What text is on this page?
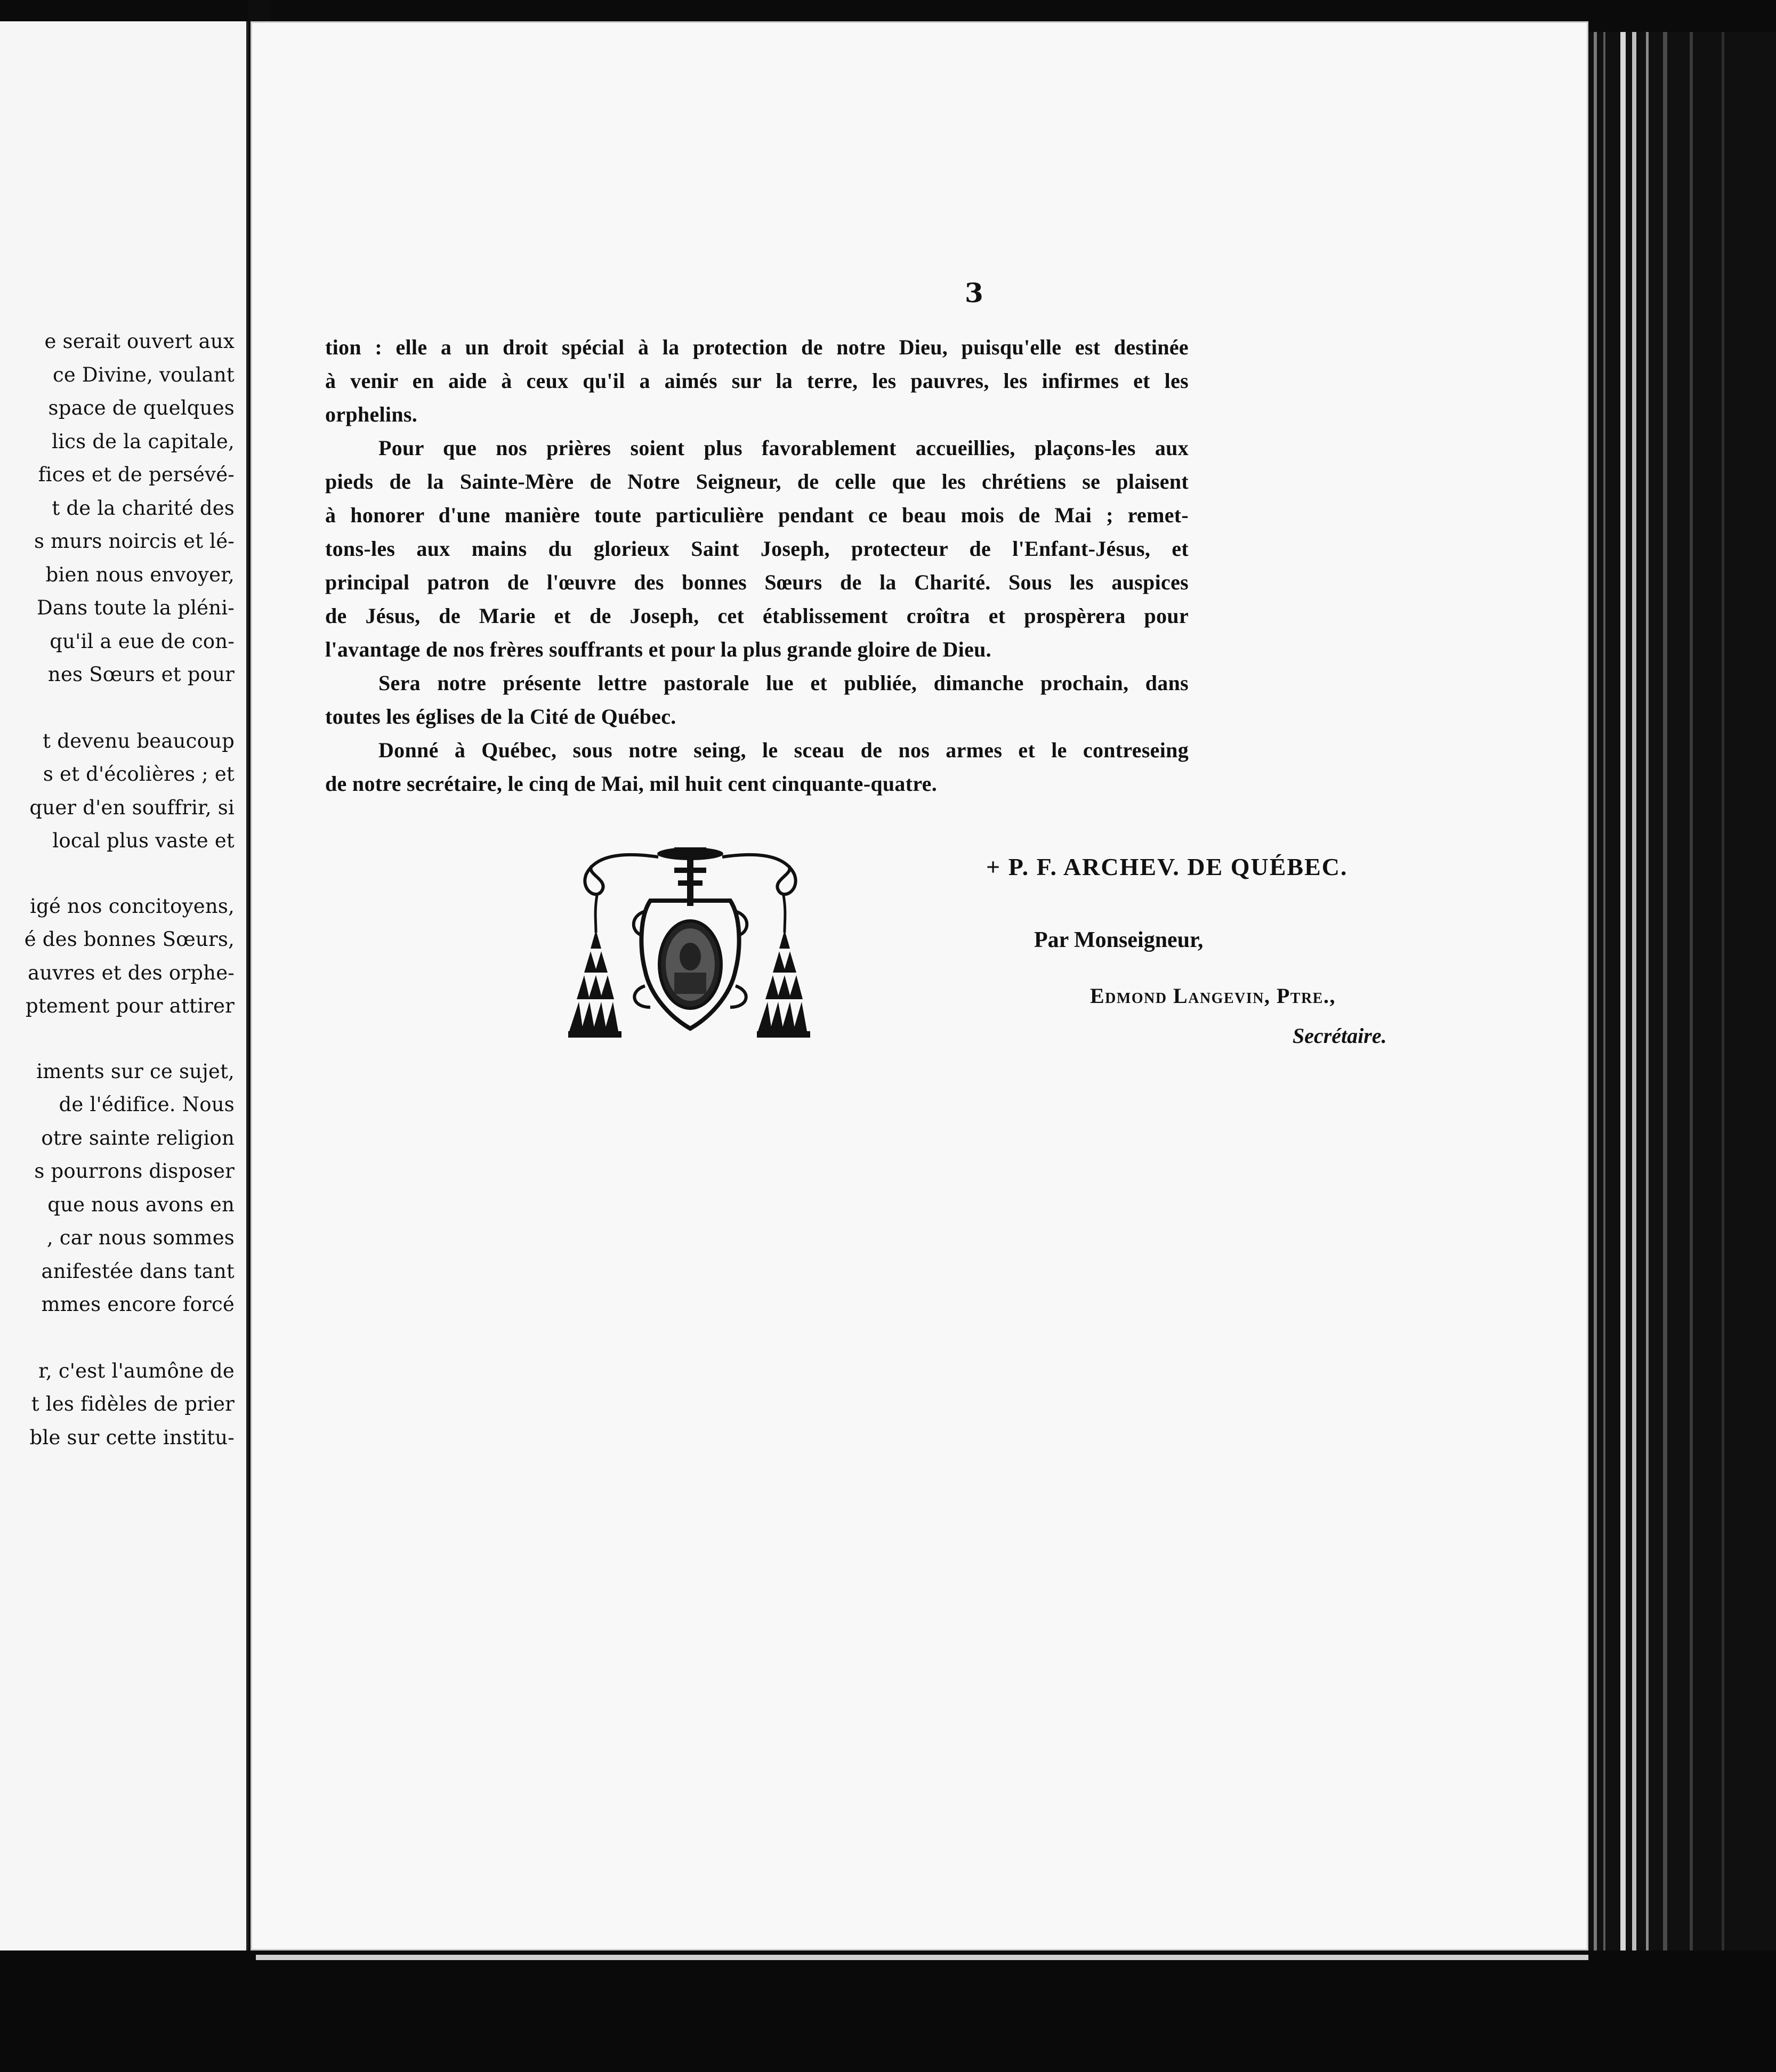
e serait ouvert aux
ce Divine, voulant
space de quelques
lics de la capitale,
fices et de persévé-
t de la charité des
s murs noircis et lé-
bien nous envoyer,
Dans toute la pléni-
qu'il a eue de con-
nes Sœurs et pour
t devenu beaucoup
s et d'écolières ; et
quer d'en souffrir, si
local plus vaste et
igé nos concitoyens,
é des bonnes Sœurs,
auvres et des orphe-
ptement pour attirer
iments sur ce sujet,
de l'édifice. Nous
otre sainte religion
s pourrons disposer
que nous avons en
, car nous sommes
anifestée dans tant
mmes encore forcé
r, c'est l'aumône de
t les fidèles de prier
ble sur cette institu-
3

tion : elle a un droit spécial à la protection de notre Dieu, puisqu'elle est destinée
à venir en aide à ceux qu'il a aimés sur la terre, les pauvres, les infirmes et les
orphelins.

Pour que nos prières soient plus favorablement accueillies, plaçons-les aux
pieds de la Sainte-Mère de Notre Seigneur, de celle que les chrétiens se plaisent
à honorer d'une manière toute particulière pendant ce beau mois de Mai ; remet-
tons-les aux mains du glorieux Saint Joseph, protecteur de l'Enfant-Jésus, et
principal patron de l'œuvre des bonnes Sœurs de la Charité. Sous les auspices
de Jésus, de Marie et de Joseph, cet établissement croîtra et prospèrera pour
l'avantage de nos frères souffrants et pour la plus grande gloire de Dieu.

Sera notre présente lettre pastorale lue et publiée, dimanche prochain, dans
toutes les églises de la Cité de Québec.

Donné à Québec, sous notre seing, le sceau de nos armes et le contreseing
de notre secrétaire, le cinq de Mai, mil huit cent cinquante-quatre.

+ P. F. ARCHEV. DE QUÉBEC.
Par Monseigneur,
Edmond Langevin, Ptre.,
Secrétaire.
